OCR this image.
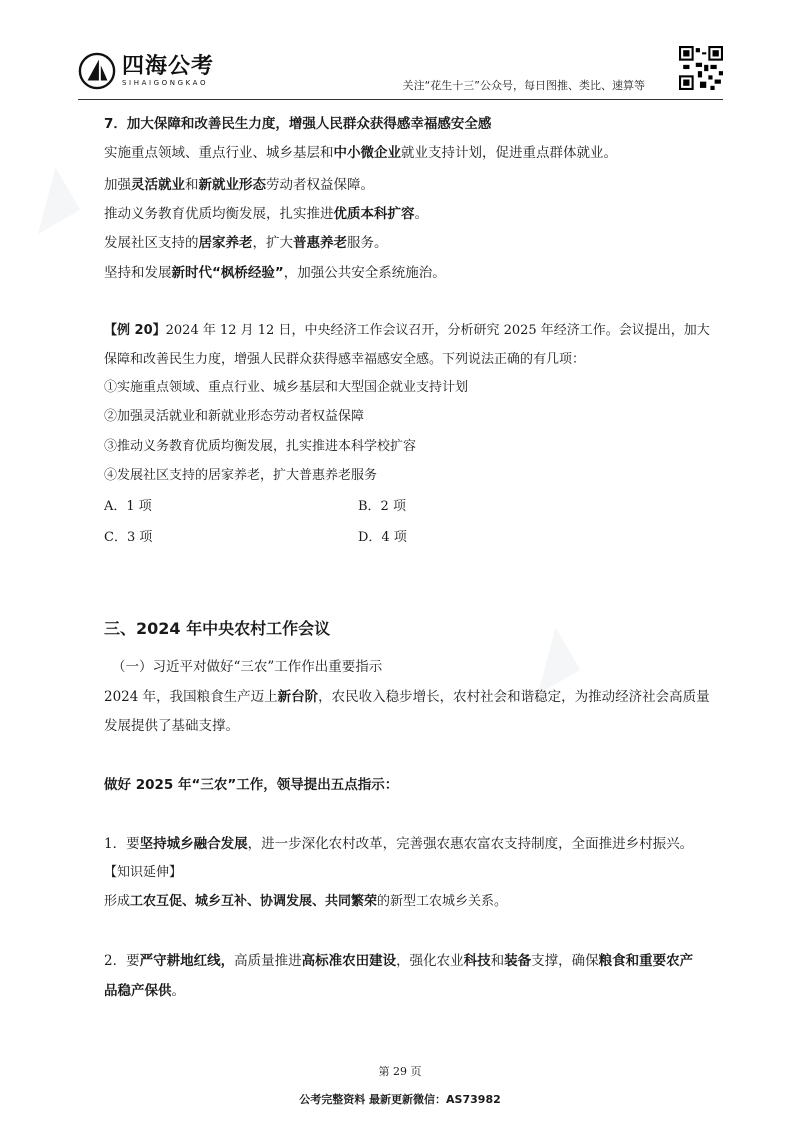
◢
◢
四海公考
SIHAIGONGKAO	关注“花生十三”公众号，每日图推、类比、速算等
7．加大保障和改善民生力度，增强人民群众获得感幸福感安全感
实施重点领域、重点行业、城乡基层和中小微企业就业支持计划，促进重点群体就业。
加强灵活就业和新就业形态劳动者权益保障。
推动义务教育优质均衡发展，扎实推进优质本科扩容。
发展社区支持的居家养老，扩大普惠养老服务。
坚持和发展新时代“枫桥经验”，加强公共安全系统施治。
【例 20】2024 年 12 月 12 日，中央经济工作会议召开，分析研究 2025 年经济工作。会议提出，加大
保障和改善民生力度，增强人民群众获得感幸福感安全感。下列说法正确的有几项：
①实施重点领域、重点行业、城乡基层和大型国企就业支持计划
②加强灵活就业和新就业形态劳动者权益保障
③推动义务教育优质均衡发展，扎实推进本科学校扩容
④发展社区支持的居家养老，扩大普惠养老服务
A．1 项	B．2 项
C．3 项	D．4 项
三、2024 年中央农村工作会议
（一）习近平对做好“三农”工作作出重要指示
2024 年，我国粮食生产迈上新台阶，农民收入稳步增长，农村社会和谐稳定，为推动经济社会高质量
发展提供了基础支撑。
做好 2025 年“三农”工作，领导提出五点指示：
1．要坚持城乡融合发展，进一步深化农村改革，完善强农惠农富农支持制度，全面推进乡村振兴。
【知识延伸】
形成工农互促、城乡互补、协调发展、共同繁荣的新型工农城乡关系。
2．要严守耕地红线，高质量推进高标准农田建设，强化农业科技和装备支撑，确保粮食和重要农产
品稳产保供。
第 29 页
公考完整资料 最新更新微信：AS73982
